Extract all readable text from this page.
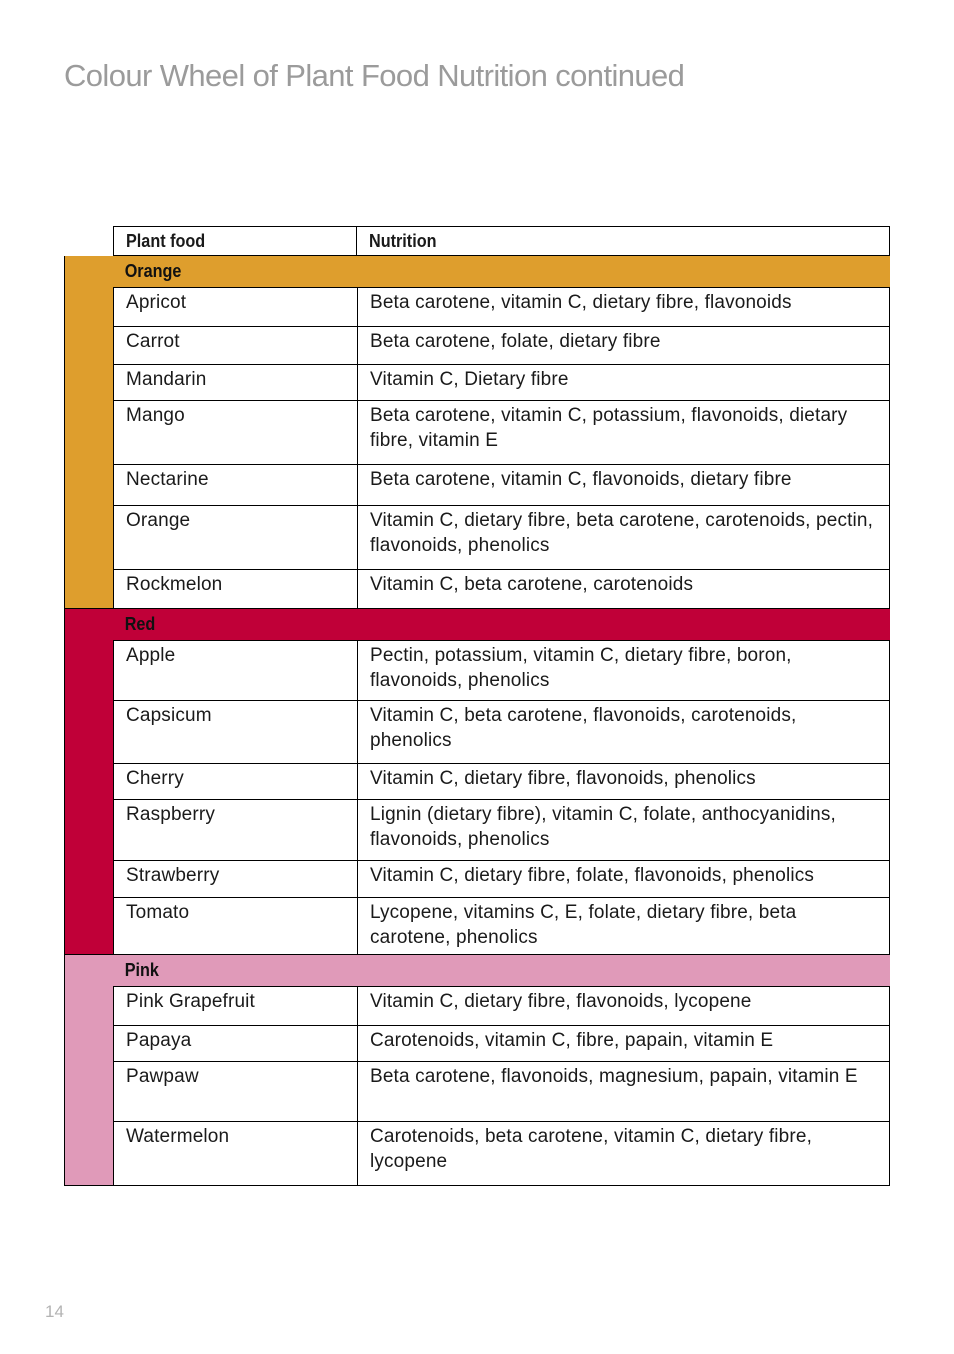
Colour Wheel of Plant Food Nutrition continued
Plant food	Nutrition
Orange
Apricot	Beta carotene, vitamin C, dietary fibre, flavonoids
Carrot	Beta carotene, folate, dietary fibre
Mandarin	Vitamin C, Dietary fibre
Mango	Beta carotene, vitamin C, potassium, flavonoids, dietary fibre, vitamin E
Nectarine	Beta carotene, vitamin C, flavonoids, dietary fibre
Orange	Vitamin C, dietary fibre, beta carotene, carotenoids, pectin, flavonoids, phenolics
Rockmelon	Vitamin C, beta carotene, carotenoids
Red
Apple	Pectin, potassium, vitamin C, dietary fibre, boron, flavonoids, phenolics
Capsicum	Vitamin C, beta carotene, flavonoids, carotenoids, phenolics
Cherry	Vitamin C, dietary fibre, flavonoids, phenolics
Raspberry	Lignin (dietary fibre), vitamin C, folate, anthocyanidins, flavonoids, phenolics
Strawberry	Vitamin C, dietary fibre, folate, flavonoids, phenolics
Tomato	Lycopene, vitamins C, E, folate, dietary fibre, beta carotene, phenolics
Pink
Pink Grapefruit	Vitamin C, dietary fibre, flavonoids, lycopene
Papaya	Carotenoids, vitamin C, fibre, papain, vitamin E
Pawpaw	Beta carotene, flavonoids, magnesium, papain, vitamin E
Watermelon	Carotenoids, beta carotene, vitamin C, dietary fibre, lycopene
14
